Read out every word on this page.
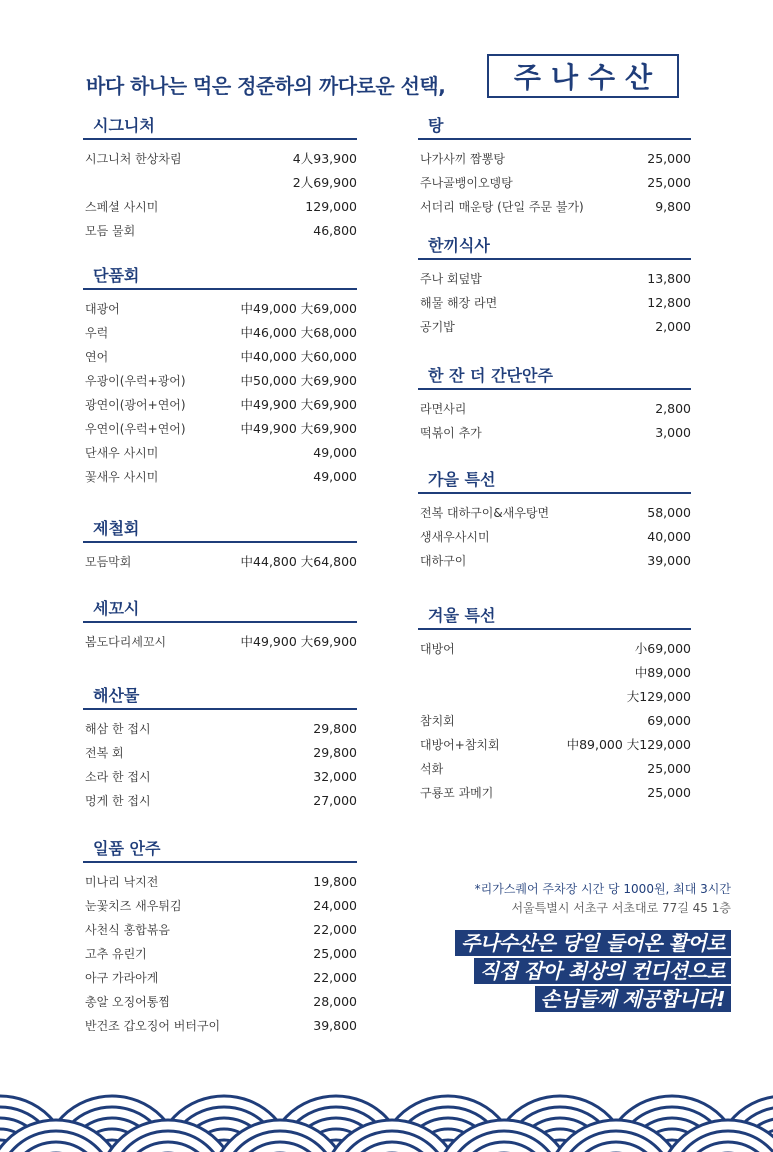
바다 하나는 먹은 정준하의 까다로운 선택,	주나수산
시그니처
시그니처 한상차림	4人93,900
2人69,900
스페셜 사시미	129,000
모듬 물회	46,800
단품회
대광어	中49,000 大69,000
우럭	中46,000 大68,000
연어	中40,000 大60,000
우광이(우럭+광어)	中50,000 大69,900
광연이(광어+연어)	中49,900 大69,900
우연이(우럭+연어)	中49,900 大69,900
단새우 사시미	49,000
꽃새우 사시미	49,000
제철회
모듬막회	中44,800 大64,800
세꼬시
봄도다리세꼬시	中49,900 大69,900
해산물
해삼 한 접시	29,800
전복 회	29,800
소라 한 접시	32,000
멍게 한 접시	27,000
일품 안주
미나리 낙지전	19,800
눈꽃치즈 새우튀김	24,000
사천식 홍합볶음	22,000
고추 유린기	25,000
아구 가라아게	22,000
총알 오징어통찜	28,000
반건조 갑오징어 버터구이	39,800
탕
나가사끼 짬뽕탕	25,000
주나골뱅이오뎅탕	25,000
서더리 매운탕 (단일 주문 불가)	9,800
한끼식사
주나 회덮밥	13,800
해물 해장 라면	12,800
공기밥	2,000
한 잔 더 간단안주
라면사리	2,800
떡볶이 추가	3,000
가을 특선
전복 대하구이&새우탕면	58,000
생새우사시미	40,000
대하구이	39,000
겨울 특선
대방어	小69,000
中89,000
大129,000
참치회	69,000
대방어+참치회	中89,000 大129,000
석화	25,000
구룡포 과메기	25,000
*리가스퀘어 주차장 시간 당 1000원, 최대 3시간
서울특별시 서초구 서초대로 77길 45 1층
주나수산은 당일 들어온 활어로
직접 잡아 최상의 컨디션으로
손님들께 제공합니다!
